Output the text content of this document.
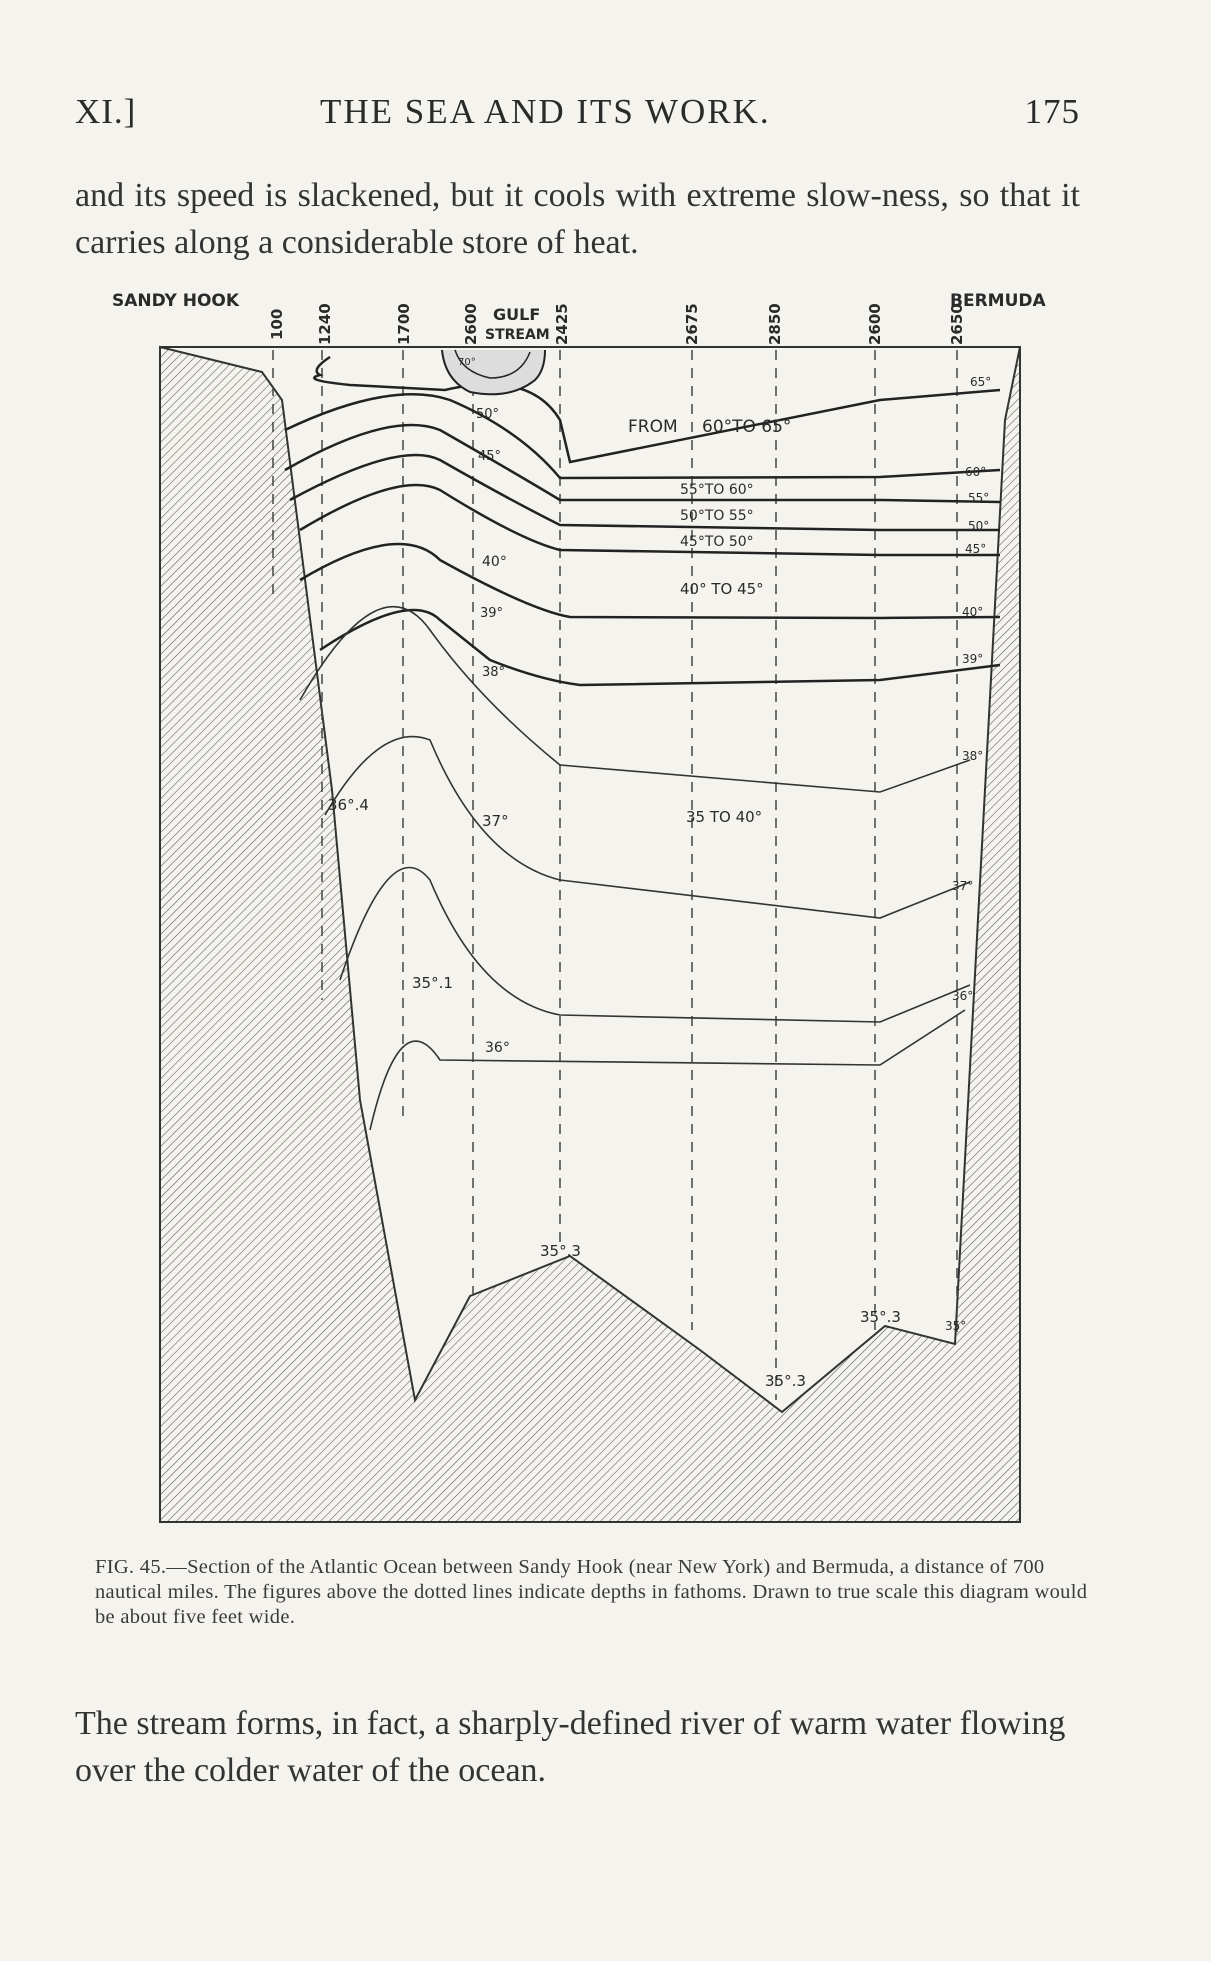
XI.]	THE SEA AND ITS WORK.	175
and its speed is slackened, but it cools with extreme slow-ness, so that it carries along a considerable store of heat.
SANDY HOOK	BERMUDA
GULF
STREAM
100 1240	1700	2600	2425	2675	2850	2600	2650
FROM 60°TO 65°
55°TO 60°
50°TO 55°
45°TO 50°
40° TO 45°
35 TO 40°
50°
45°
40°
39°
38°
37°
36°
70°
65°
60°
55°
50°
45°
40°
39°
38°
37°
36°
35°
36°.4
35°.1
35°.3
35°.3
35°.3
FIG. 45.—Section of the Atlantic Ocean between Sandy Hook (near New York) and Bermuda, a distance of 700 nautical miles. The figures above the dotted lines indicate depths in fathoms. Drawn to true scale this diagram would be about five feet wide.
The stream forms, in fact, a sharply-defined river of warm water flowing over the colder water of the ocean.
